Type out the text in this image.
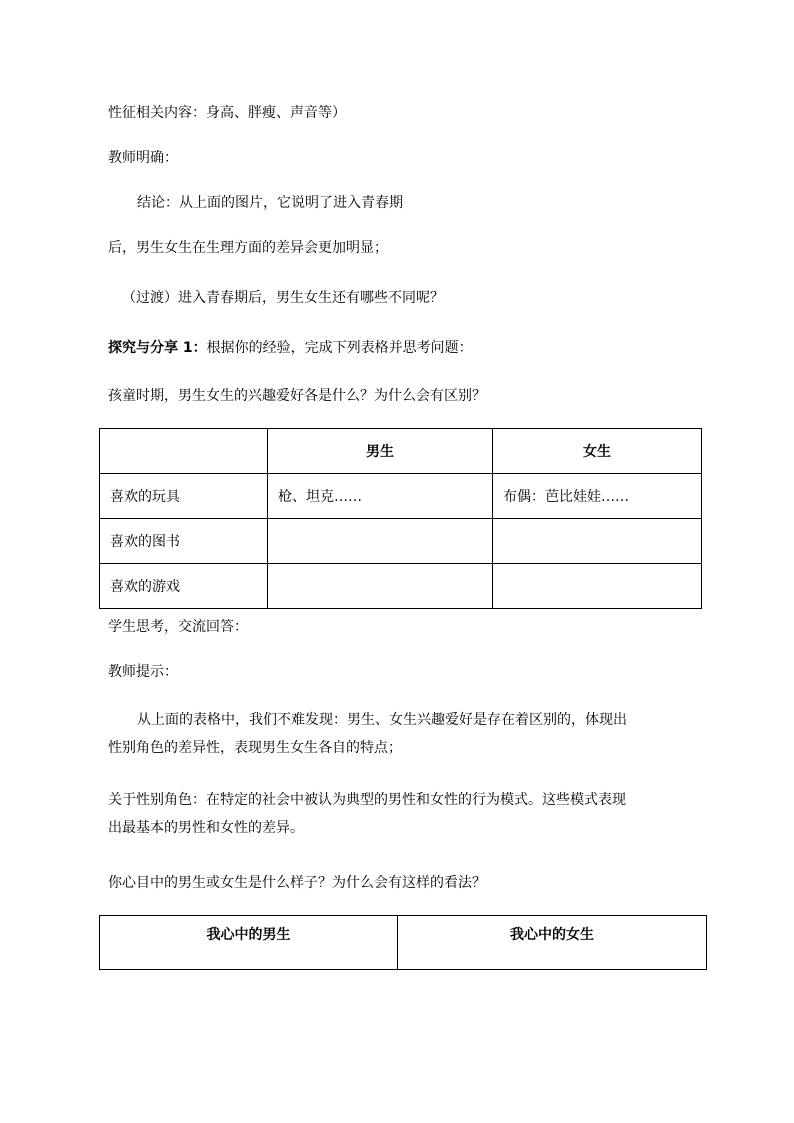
性征相关内容：身高、胖瘦、声音等）
教师明确：
结论：从上面的图片，它说明了进入青春期
后，男生女生在生理方面的差异会更加明显；
（过渡）进入青春期后，男生女生还有哪些不同呢？
探究与分享 1：根据你的经验，完成下列表格并思考问题：
孩童时期，男生女生的兴趣爱好各是什么？为什么会有区别？
	男生	女生
喜欢的玩具	枪、坦克……	布偶：芭比娃娃……
喜欢的图书		
喜欢的游戏		
学生思考，交流回答：
教师提示：
从上面的表格中，我们不难发现：男生、女生兴趣爱好是存在着区别的，体现出
性别角色的差异性，表现男生女生各自的特点；
关于性别角色：在特定的社会中被认为典型的男性和女性的行为模式。这些模式表现
出最基本的男性和女性的差异。
你心目中的男生或女生是什么样子？为什么会有这样的看法？
我心中的男生	我心中的女生
